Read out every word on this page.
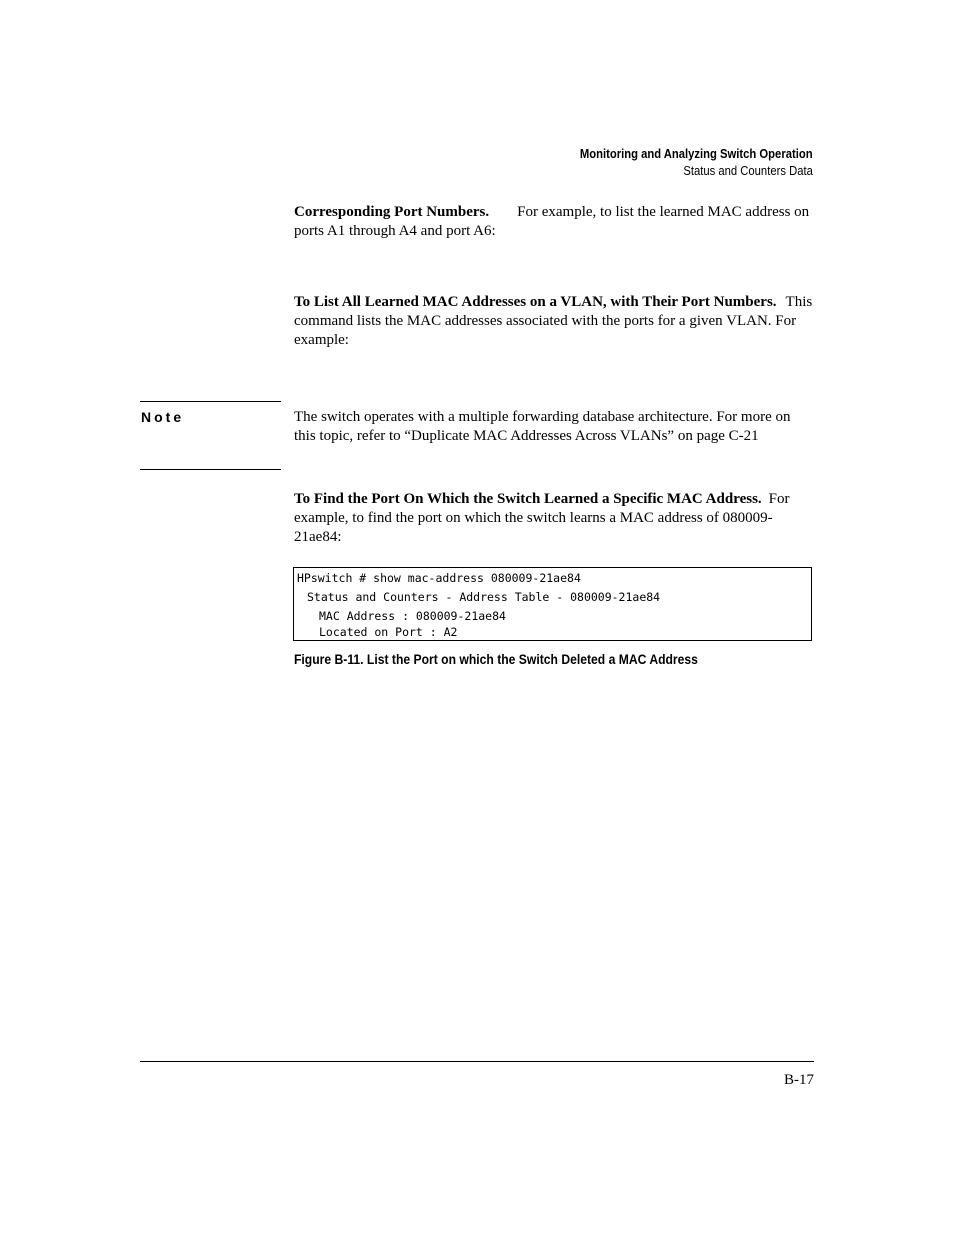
Monitoring and Analyzing Switch Operation
Status and Counters Data
Corresponding Port Numbers. For example, to list the learned MAC address on ports A1 through A4 and port A6:
To List All Learned MAC Addresses on a VLAN, with Their Port Numbers. This command lists the MAC addresses associated with the ports for a given VLAN. For example:
Note	The switch operates with a multiple forwarding database architecture. For more on this topic, refer to “Duplicate MAC Addresses Across VLANs” on page C-21
To Find the Port On Which the Switch Learned a Specific MAC Address. For example, to find the port on which the switch learns a MAC address of 080009-21ae84:
HPswitch # show mac-address 080009-21ae84
Status and Counters - Address Table - 080009-21ae84
MAC Address : 080009-21ae84
Located on Port : A2
Figure B-11. List the Port on which the Switch Deleted a MAC Address
B-17
